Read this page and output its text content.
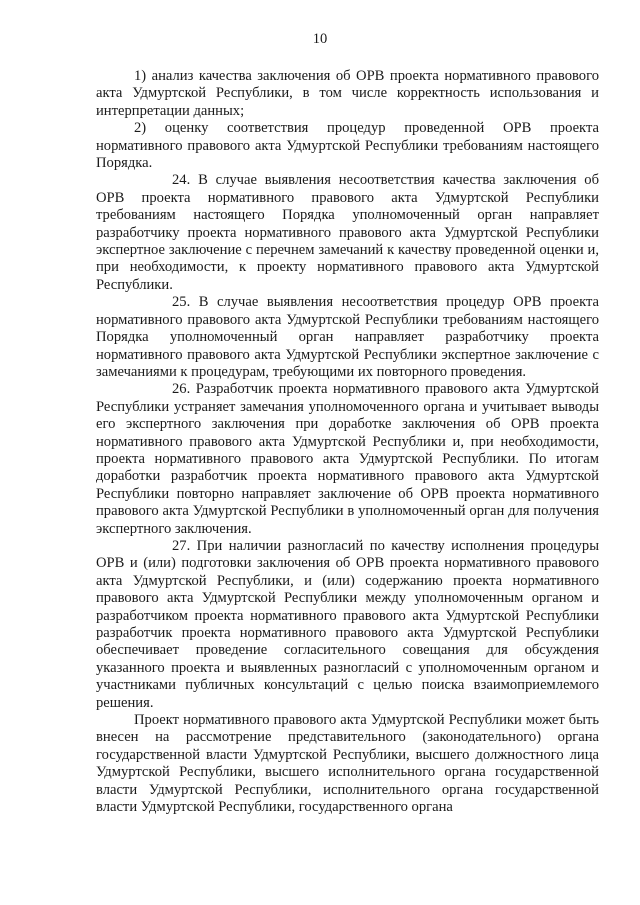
10

1) анализ качества заключения об ОРВ проекта нормативного правового акта Удмуртской Республики, в том числе корректность использования и интерпретации данных;

2) оценку соответствия процедур проведенной ОРВ проекта нормативного правового акта Удмуртской Республики требованиям настоящего Порядка.

24. В случае выявления несоответствия качества заключения об ОРВ проекта нормативного правового акта Удмуртской Республики требованиям настоящего Порядка уполномоченный орган направляет разработчику проекта нормативного правового акта Удмуртской Республики экспертное заключение с перечнем замечаний к качеству проведенной оценки и, при необходимости, к проекту нормативного правового акта Удмуртской Республики.

25. В случае выявления несоответствия процедур ОРВ проекта нормативного правового акта Удмуртской Республики требованиям настоящего Порядка уполномоченный орган направляет разработчику проекта нормативного правового акта Удмуртской Республики экспертное заключение с замечаниями к процедурам, требующими их повторного проведения.

26. Разработчик проекта нормативного правового акта Удмуртской Республики устраняет замечания уполномоченного органа и учитывает выводы его экспертного заключения при доработке заключения об ОРВ проекта нормативного правового акта Удмуртской Республики и, при необходимости, проекта нормативного правового акта Удмуртской Республики. По итогам доработки разработчик проекта нормативного правового акта Удмуртской Республики повторно направляет заключение об ОРВ проекта нормативного правового акта Удмуртской Республики в уполномоченный орган для получения экспертного заключения.

27. При наличии разногласий по качеству исполнения процедуры ОРВ и (или) подготовки заключения об ОРВ проекта нормативного правового акта Удмуртской Республики, и (или) содержанию проекта нормативного правового акта Удмуртской Республики между уполномоченным органом и разработчиком проекта нормативного правового акта Удмуртской Республики разработчик проекта нормативного правового акта Удмуртской Республики обеспечивает проведение согласительного совещания для обсуждения указанного проекта и выявленных разногласий с уполномоченным органом и участниками публичных консультаций с целью поиска взаимоприемлемого решения.

Проект нормативного правового акта Удмуртской Республики может быть внесен на рассмотрение представительного (законодательного) органа государственной власти Удмуртской Республики, высшего должностного лица Удмуртской Республики, высшего исполнительного органа государственной власти Удмуртской Республики, исполнительного органа государственной власти Удмуртской Республики, государственного органа
